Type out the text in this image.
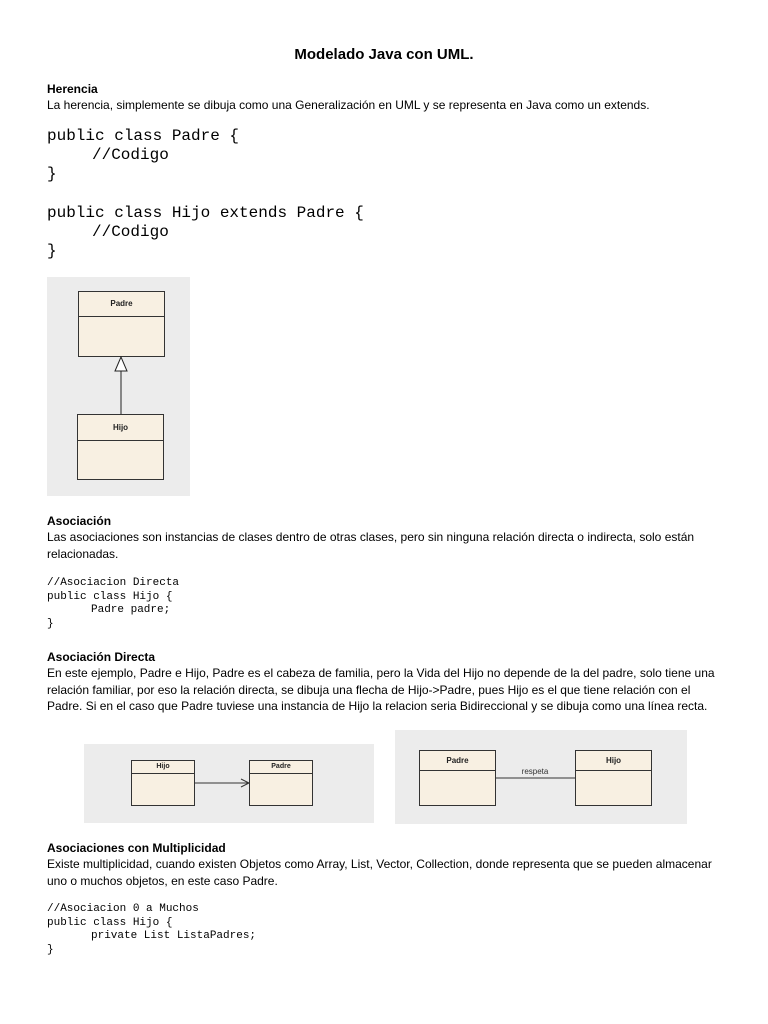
Modelado Java con UML.
Herencia
La herencia, simplemente se dibuja como una Generalización en UML y se representa en Java como un extends.
public class Padre {
//Codigo
}
public class Hijo extends Padre {
//Codigo
}
Padre
Hijo
Asociación
Las asociaciones son instancias de clases dentro de otras clases, pero sin ninguna relación directa o indirecta, solo están relacionadas.
//Asociacion Directa
public class Hijo {
Padre padre;
}
Asociación Directa
En este ejemplo, Padre e Hijo, Padre es el cabeza de familia, pero la Vida del Hijo no depende de la del padre, solo tiene una relación familiar, por eso la relación directa, se dibuja una flecha de Hijo->Padre, pues Hijo es el que tiene relación con el Padre. Si en el caso que Padre tuviese una instancia de Hijo la relacion seria Bidireccional y se dibuja como una línea recta.
Hijo	Padre
Padre
respeta
Hijo
Asociaciones con Multiplicidad
Existe multiplicidad, cuando existen Objetos como Array, List, Vector, Collection, donde representa que se pueden almacenar uno o muchos objetos, en este caso Padre.
//Asociacion 0 a Muchos
public class Hijo {
private List ListaPadres;
}
